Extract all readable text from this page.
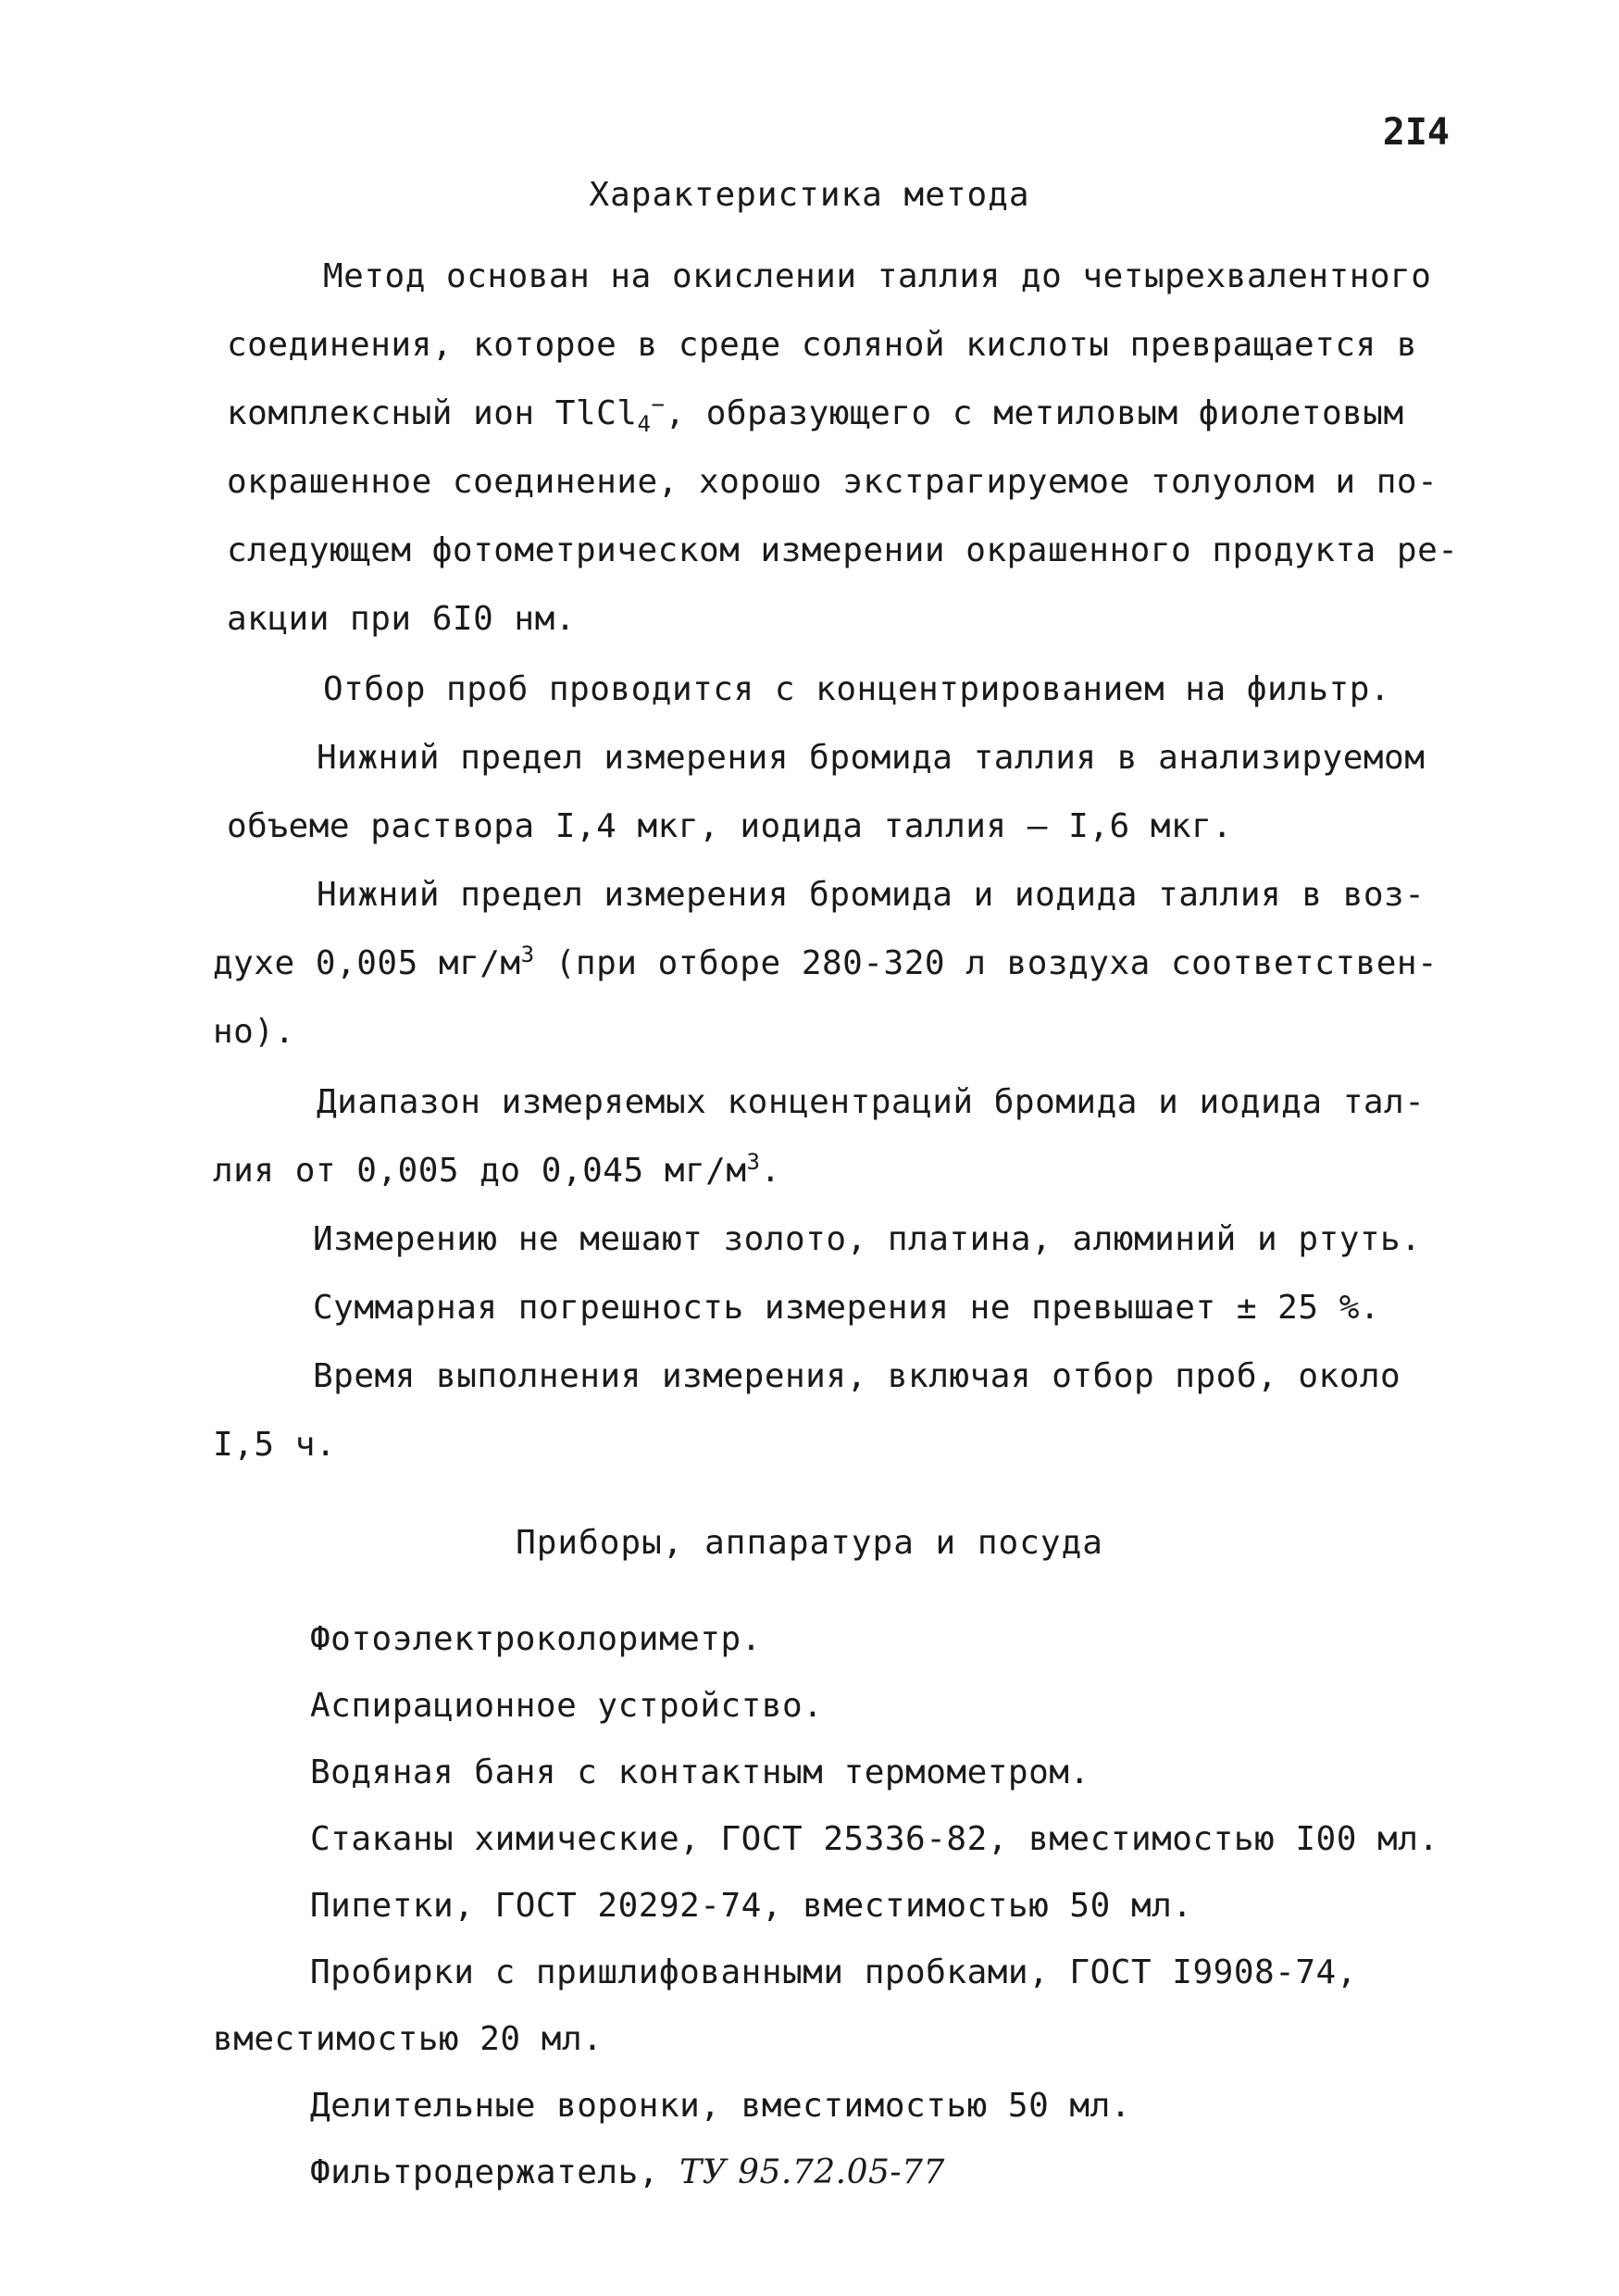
2I4
Характеристика метода
Метод основан на окислении таллия до четырехвалентного
соединения, которое в среде соляной кислоты превращается в
комплексный ион TlCl$_4$−, образующего с метиловым фиолетовым
окрашенное соединение, хорошо экстрагируемое толуолом и по-
следующем фотометрическом измерении окрашенного продукта ре-
акции при 6I0 нм.
Отбор проб проводится с концентрированием на фильтр.
Нижний предел измерения бромида таллия в анализируемом
объеме раствора I,4 мкг, иодида таллия – I,6 мкг.
Нижний предел измерения бромида и иодида таллия в воз-
духе 0,005 $мг/м^3$ (при отборе 280-320 л воздуха соответствен-
но).
Диапазон измеряемых концентраций бромида и иодида тал-
лия от 0,005 до 0,045 $мг/м^3$.
Измерению не мешают золото, платина, алюминий и ртуть.
Суммарная погрешность измерения не превышает ± 25 %.
Время выполнения измерения, включая отбор проб, около
I,5 ч.
Приборы, аппаратура и посуда
Фотоэлектроколориметр.
Аспирационное устройство.
Водяная баня с контактным термометром.
Стаканы химические, ГОСТ 25336-82, вместимостью I00 мл.
Пипетки, ГОСТ 20292-74, вместимостью 50 мл.
Пробирки с пришлифованными пробками, ГОСТ I9908-74,
вместимостью 20 мл.
Делительные воронки, вместимостью 50 мл.
Фильтродержатель, ТУ 95.72.05-77
